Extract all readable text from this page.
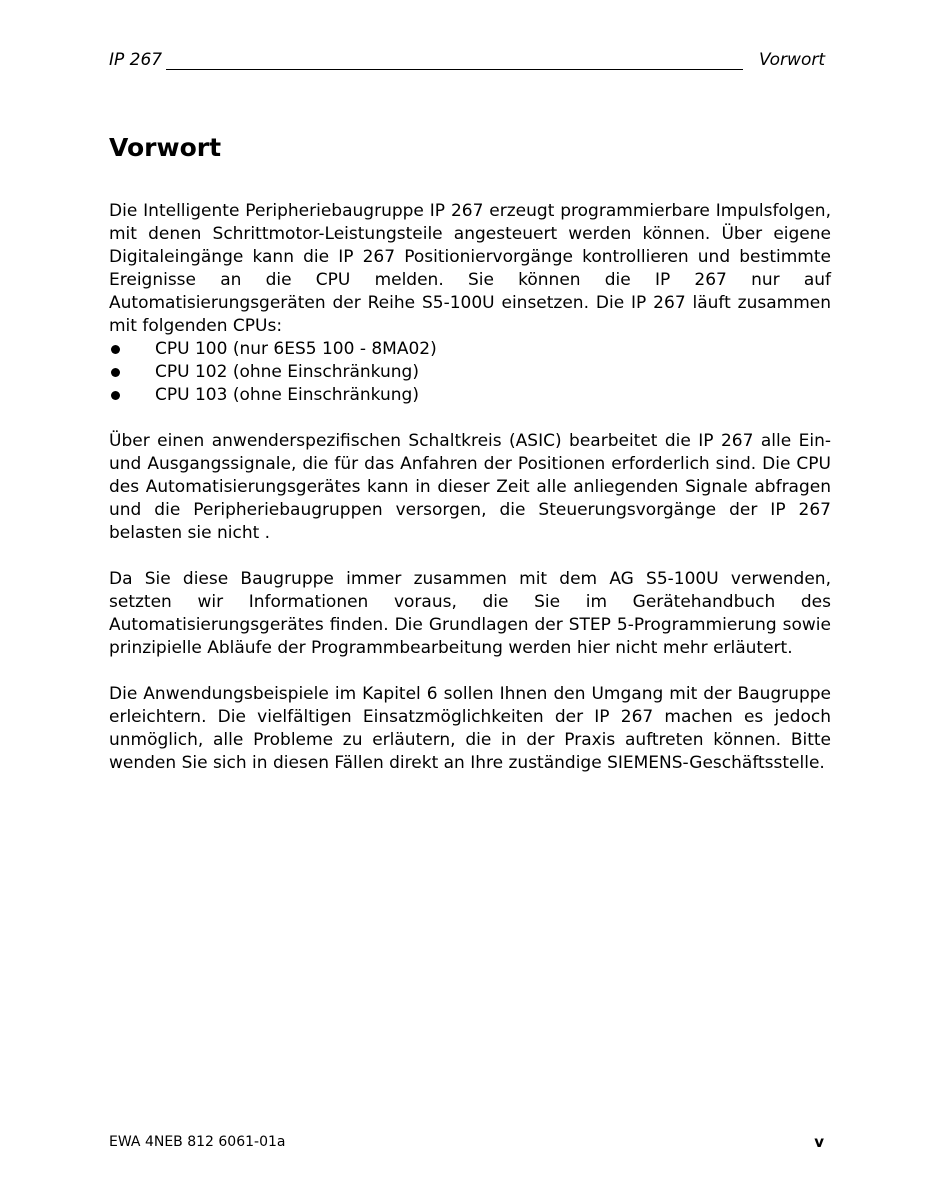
IP 267	Vorwort
Vorwort

Die Intelligente Peripheriebaugruppe IP 267 erzeugt programmierbare Impulsfolgen, mit denen Schrittmotor-Leistungsteile angesteuert werden können. Über eigene Digitaleingänge kann die IP 267 Positioniervorgänge kontrollieren und bestimmte Ereignisse an die CPU melden. Sie können die IP 267 nur auf Automatisierungsgeräten der Reihe S5-100U einsetzen. Die IP 267 läuft zusammen mit folgenden CPUs:

CPU 100 (nur 6ES5 100 - 8MA02)
CPU 102 (ohne Einschränkung)
CPU 103 (ohne Einschränkung)

Über einen anwenderspezifischen Schaltkreis (ASIC) bearbeitet die IP 267 alle Ein- und Ausgangssignale, die für das Anfahren der Positionen erforderlich sind. Die CPU des Automatisierungsgerätes kann in dieser Zeit alle anliegenden Signale abfragen und die Peripheriebaugruppen versorgen, die Steuerungsvorgänge der IP 267 belasten sie nicht .

Da Sie diese Baugruppe immer zusammen mit dem AG S5-100U verwenden, setzten wir Informationen voraus, die Sie im Gerätehandbuch des Automatisierungsgerätes finden. Die Grundlagen der STEP 5-Programmierung sowie prinzipielle Abläufe der Programmbearbeitung werden hier nicht mehr erläutert.

Die Anwendungsbeispiele im Kapitel 6 sollen Ihnen den Umgang mit der Baugruppe erleichtern. Die vielfältigen Einsatzmöglichkeiten der IP 267 machen es jedoch unmöglich, alle Probleme zu erläutern, die in der Praxis auftreten können. Bitte wenden Sie sich in diesen Fällen direkt an Ihre zuständige SIEMENS-Geschäftsstelle.

EWA 4NEB 812 6061-01a	v
